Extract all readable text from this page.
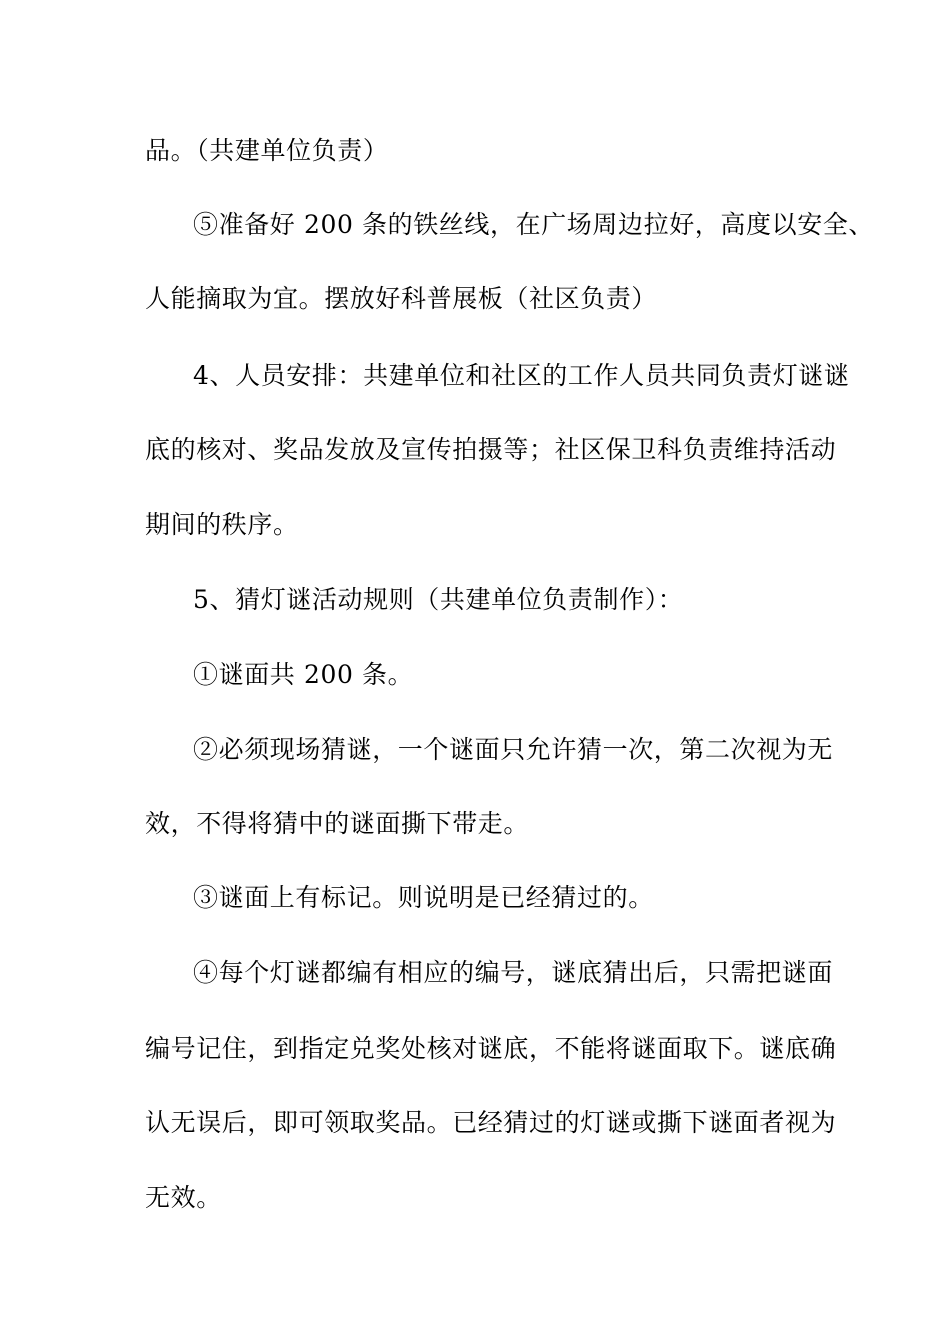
品。（共建单位负责）
⑤准备好 200 条的铁丝线，在广场周边拉好，高度以安全、
人能摘取为宜。摆放好科普展板（社区负责）
4、人员安排：共建单位和社区的工作人员共同负责灯谜谜
底的核对、奖品发放及宣传拍摄等；社区保卫科负责维持活动
期间的秩序。
5、猜灯谜活动规则（共建单位负责制作）：
①谜面共 200 条。
②必须现场猜谜，一个谜面只允许猜一次，第二次视为无
效，不得将猜中的谜面撕下带走。
③谜面上有标记。则说明是已经猜过的。
④每个灯谜都编有相应的编号，谜底猜出后，只需把谜面
编号记住，到指定兑奖处核对谜底，不能将谜面取下。谜底确
认无误后，即可领取奖品。已经猜过的灯谜或撕下谜面者视为
无效。
